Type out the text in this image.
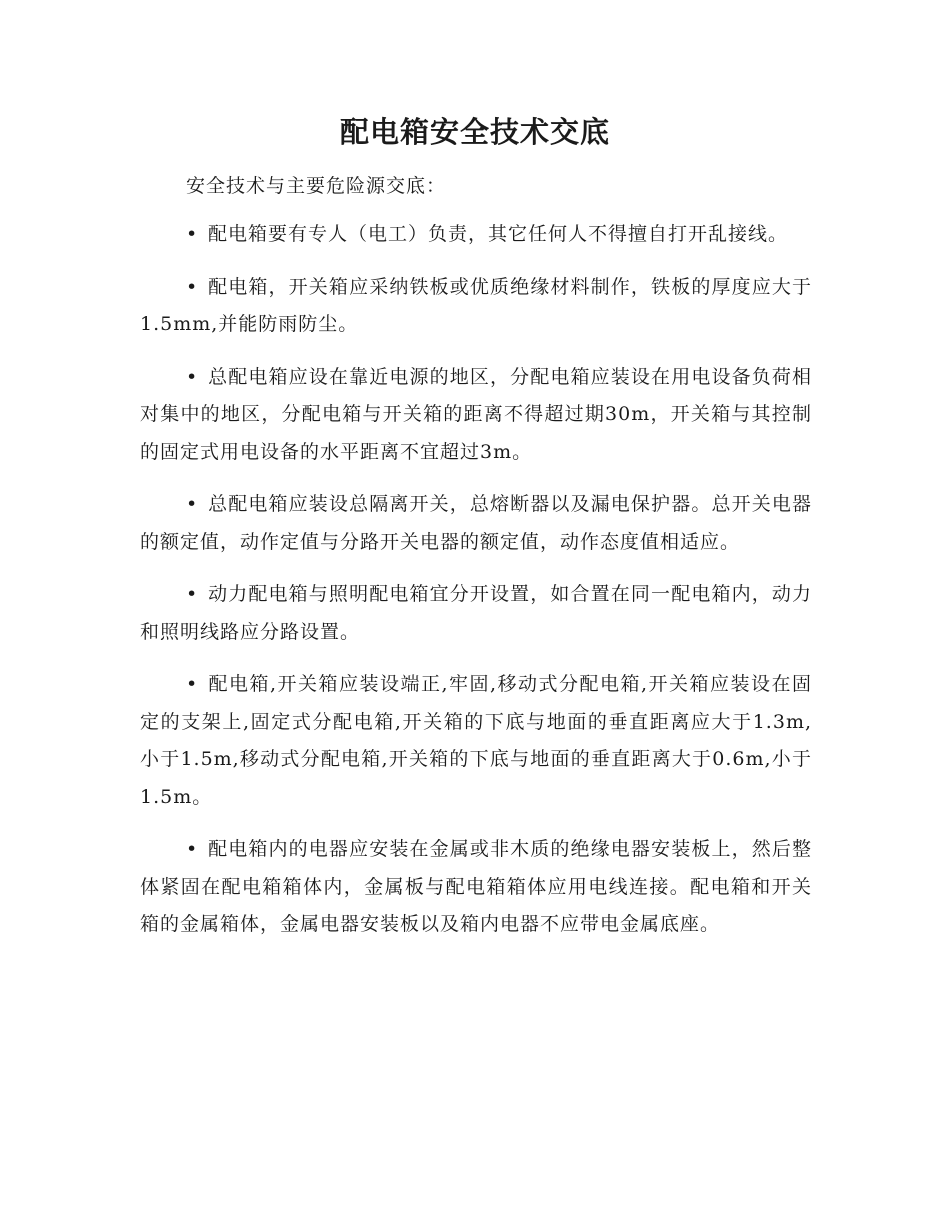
配电箱安全技术交底

安全技术与主要危险源交底：

• 配电箱要有专人（电工）负责，其它任何人不得擅自打开乱接线。
• 配电箱，开关箱应采纳铁板或优质绝缘材料制作，铁板的厚度应大于1.5mm,并能防雨防尘。
• 总配电箱应设在靠近电源的地区，分配电箱应装设在用电设备负荷相对集中的地区，分配电箱与开关箱的距离不得超过期30m，开关箱与其控制的固定式用电设备的水平距离不宜超过3m。
• 总配电箱应装设总隔离开关，总熔断器以及漏电保护器。总开关电器的额定值，动作定值与分路开关电器的额定值，动作态度值相适应。
• 动力配电箱与照明配电箱宜分开设置，如合置在同一配电箱内，动力和照明线路应分路设置。
• 配电箱,开关箱应装设端正,牢固,移动式分配电箱,开关箱应装设在固定的支架上,固定式分配电箱,开关箱的下底与地面的垂直距离应大于1.3m,小于1.5m,移动式分配电箱,开关箱的下底与地面的垂直距离大于0.6m,小于1.5m。
• 配电箱内的电器应安装在金属或非木质的绝缘电器安装板上，然后整体紧固在配电箱箱体内，金属板与配电箱箱体应用电线连接。配电箱和开关箱的金属箱体，金属电器安装板以及箱内电器不应带电金属底座。
